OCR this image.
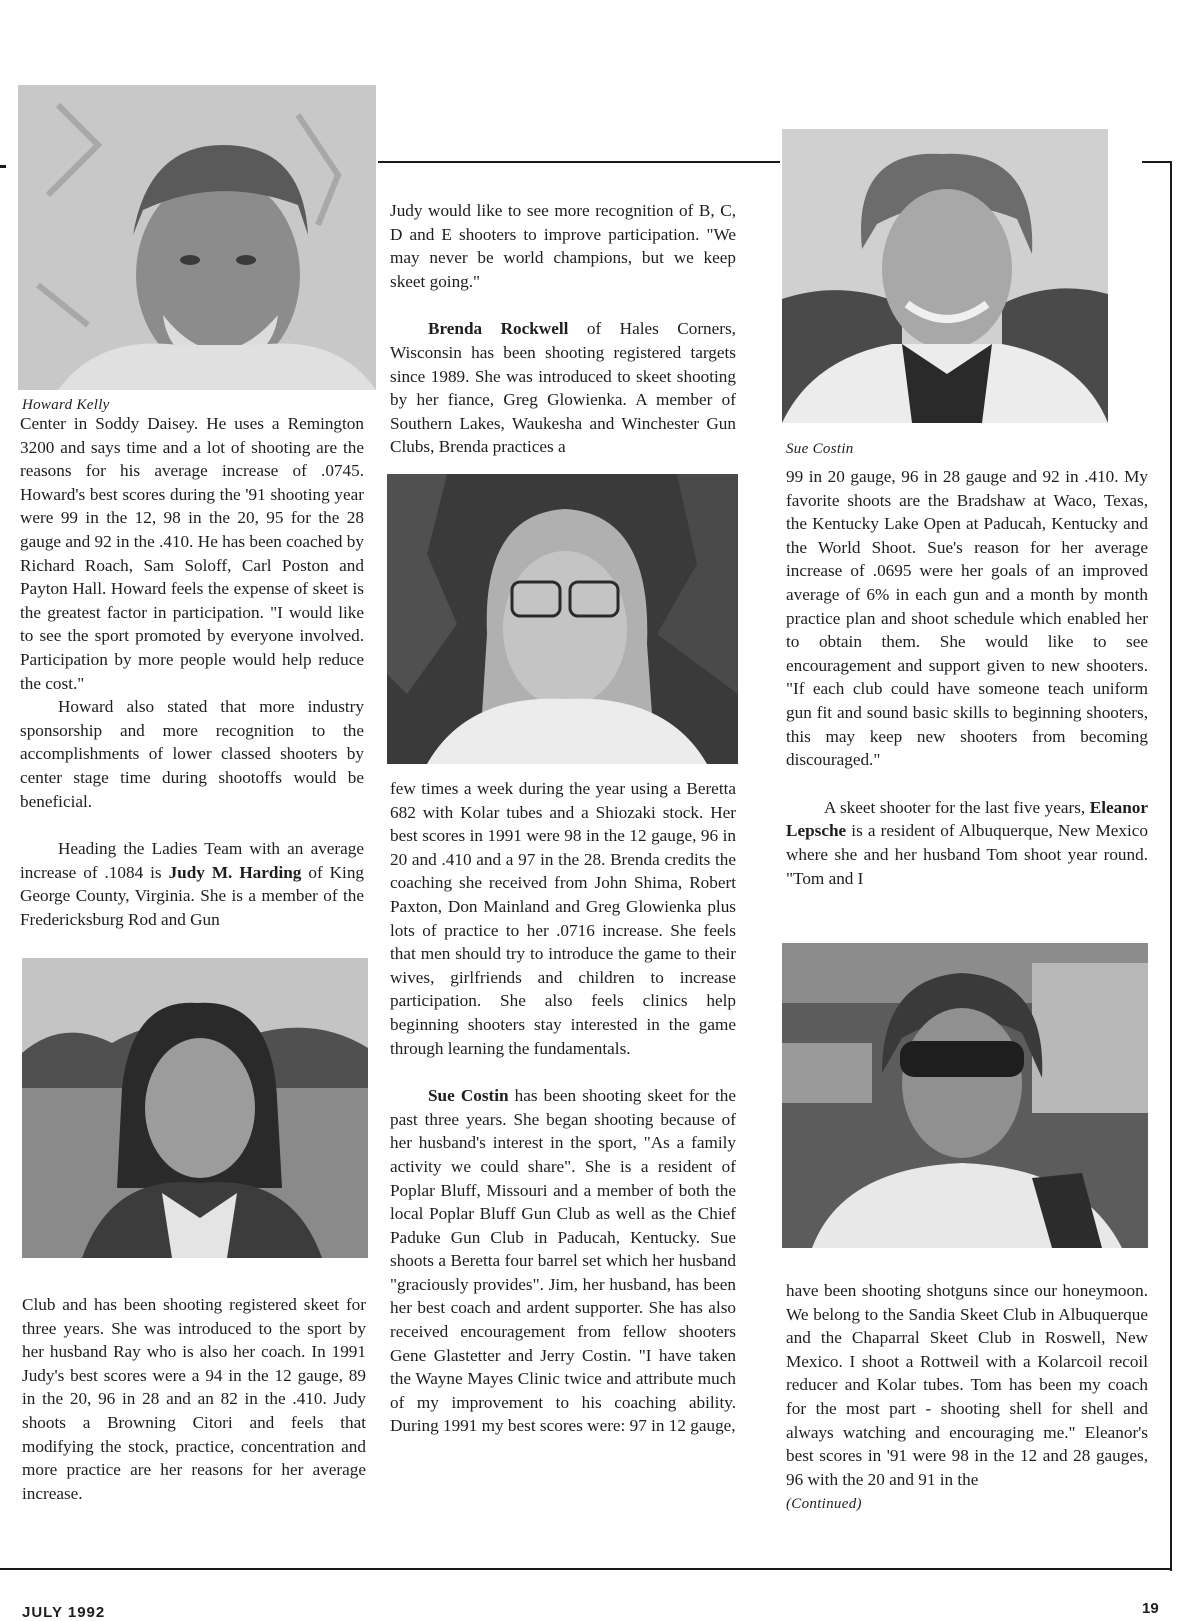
Howard Kelly

Center in Soddy Daisey. He uses a Remington 3200 and says time and a lot of shooting are the reasons for his average increase of .0745. Howard's best scores during the '91 shooting year were 99 in the 12, 98 in the 20, 95 for the 28 gauge and 92 in the .410. He has been coached by Richard Roach, Sam Soloff, Carl Poston and Payton Hall. Howard feels the expense of skeet is the greatest factor in participation. "I would like to see the sport promoted by everyone involved. Participation by more people would help reduce the cost."

Howard also stated that more industry sponsorship and more recognition to the accomplishments of lower classed shooters by center stage time during shootoffs would be beneficial.

Heading the Ladies Team with an average increase of .1084 is Judy M. Harding of King George County, Virginia. She is a member of the Fredericksburg Rod and Gun

Club and has been shooting registered skeet for three years. She was introduced to the sport by her husband Ray who is also her coach. In 1991 Judy's best scores were a 94 in the 12 gauge, 89 in the 20, 96 in 28 and an 82 in the .410. Judy shoots a Browning Citori and feels that modifying the stock, practice, concentration and more practice are her reasons for her average increase.

Judy would like to see more recognition of B, C, D and E shooters to improve participation. "We may never be world champions, but we keep skeet going."

Brenda Rockwell of Hales Corners, Wisconsin has been shooting registered targets since 1989. She was introduced to skeet shooting by her fiance, Greg Glowienka. A member of Southern Lakes, Waukesha and Winchester Gun Clubs, Brenda practices a

few times a week during the year using a Beretta 682 with Kolar tubes and a Shiozaki stock. Her best scores in 1991 were 98 in the 12 gauge, 96 in 20 and .410 and a 97 in the 28. Brenda credits the coaching she received from John Shima, Robert Paxton, Don Mainland and Greg Glowienka plus lots of practice to her .0716 increase. She feels that men should try to introduce the game to their wives, girlfriends and children to increase participation. She also feels clinics help beginning shooters stay interested in the game through learning the fundamentals.

Sue Costin has been shooting skeet for the past three years. She began shooting because of her husband's interest in the sport, "As a family activity we could share". She is a resident of Poplar Bluff, Missouri and a member of both the local Poplar Bluff Gun Club as well as the Chief Paduke Gun Club in Paducah, Kentucky. Sue shoots a Beretta four barrel set which her husband "graciously provides". Jim, her husband, has been her best coach and ardent supporter. She has also received encouragement from fellow shooters Gene Glastetter and Jerry Costin. "I have taken the Wayne Mayes Clinic twice and attribute much of my improvement to his coaching ability. During 1991 my best scores were: 97 in 12 gauge,

Sue Costin

99 in 20 gauge, 96 in 28 gauge and 92 in .410. My favorite shoots are the Bradshaw at Waco, Texas, the Kentucky Lake Open at Paducah, Kentucky and the World Shoot. Sue's reason for her average increase of .0695 were her goals of an improved average of 6% in each gun and a month by month practice plan and shoot schedule which enabled her to obtain them. She would like to see encouragement and support given to new shooters. "If each club could have someone teach uniform gun fit and sound basic skills to beginning shooters, this may keep new shooters from becoming discouraged."

A skeet shooter for the last five years, Eleanor Lepsche is a resident of Albuquerque, New Mexico where she and her husband Tom shoot year round. "Tom and I

have been shooting shotguns since our honeymoon. We belong to the Sandia Skeet Club in Albuquerque and the Chaparral Skeet Club in Roswell, New Mexico. I shoot a Rottweil with a Kolarcoil recoil reducer and Kolar tubes. Tom has been my coach for the most part - shooting shell for shell and always watching and encouraging me." Eleanor's best scores in '91 were 98 in the 12 and 28 gauges, 96 with the 20 and 91 in the

(Continued)

JULY 1992	19
